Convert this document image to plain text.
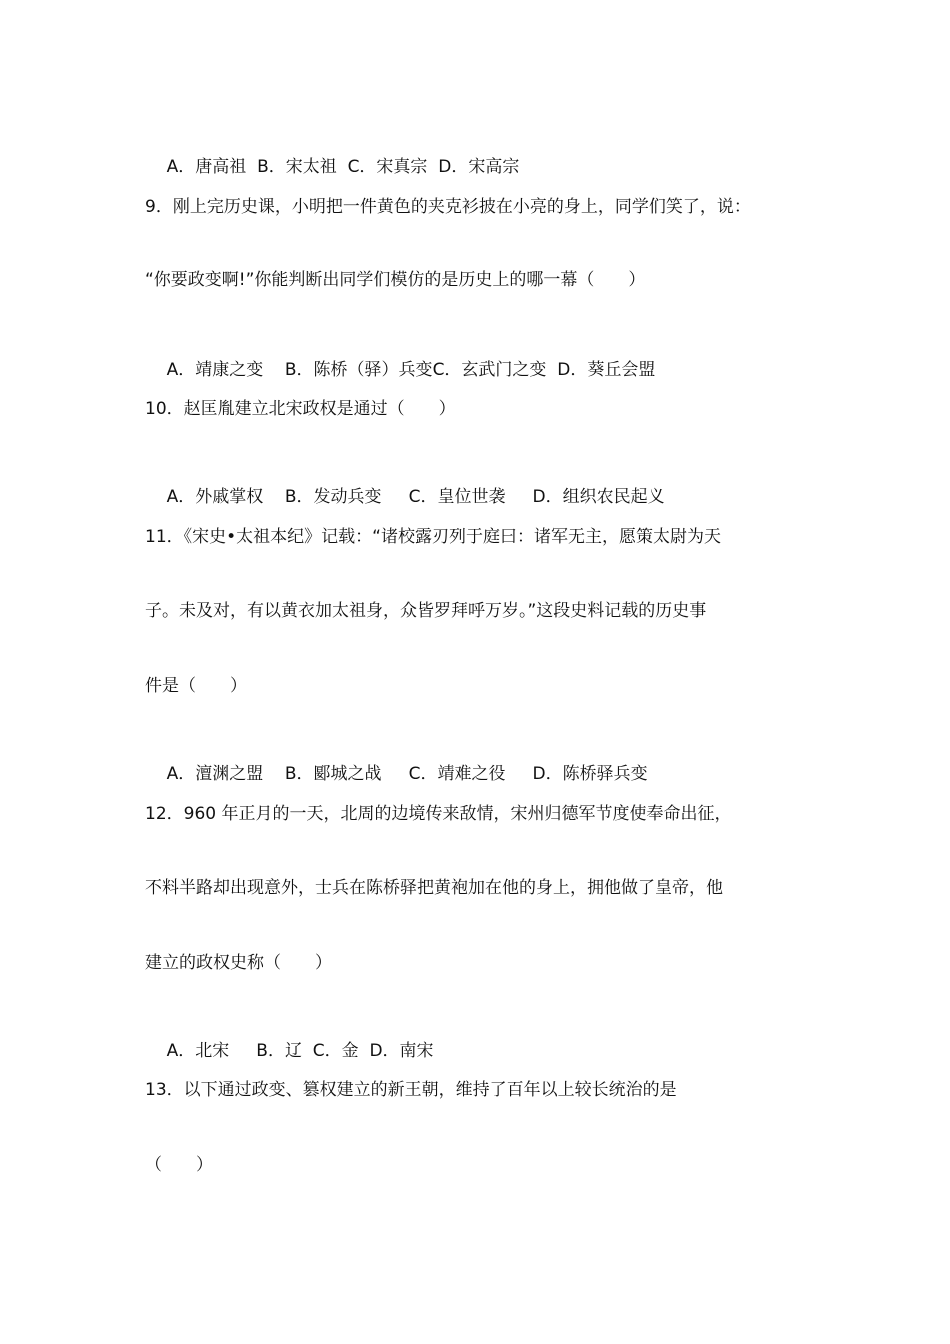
A．唐高祖 B．宋太祖 C．宋真宗 D．宋高宗

9．刚上完历史课，小明把一件黄色的夹克衫披在小亮的身上，同学们笑了，说：
“你要政变啊!”你能判断出同学们模仿的是历史上的哪一幕（　　）

A．靖康之变 B．陈桥（驿）兵变C．玄武门之变 D．葵丘会盟

10．赵匡胤建立北宋政权是通过（　　）

A．外戚掌权 B．发动兵变 C．皇位世袭 D．组织农民起义

11．《宋史•太祖本纪》记载：“诸校露刃列于庭曰：诸军无主，愿策太尉为天
子。未及对，有以黄衣加太祖身，众皆罗拜呼万岁。”这段史料记载的历史事
件是（　　）

A．澶渊之盟 B．郾城之战 C．靖难之役 D．陈桥驿兵变

12．960 年正月的一天，北周的边境传来敌情，宋州归德军节度使奉命出征，
不料半路却出现意外，士兵在陈桥驿把黄袍加在他的身上，拥他做了皇帝，他
建立的政权史称（　　）

A．北宋 B．辽 C．金 D．南宋

13．以下通过政变、篡权建立的新王朝，维持了百年以上较长统治的是
（　　）
